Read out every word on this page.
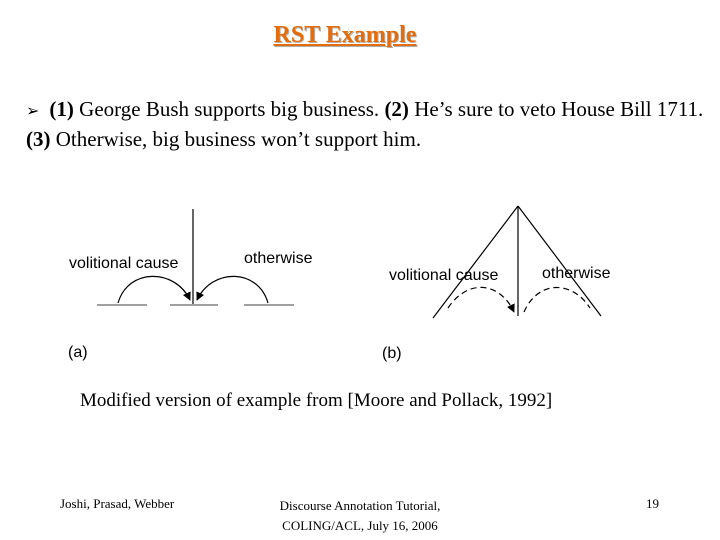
RST Example
➢ (1) George Bush supports big business. (2) He’s sure to veto House Bill 1711. (3) Otherwise, big business won’t support him.
volitional cause	otherwise
(a)
volitional cause	otherwise
(b)
Modified version of example from [Moore and Pollack, 1992]
Joshi, Prasad, Webber	Discourse Annotation Tutorial,
COLING/ACL, July 16, 2006
19
